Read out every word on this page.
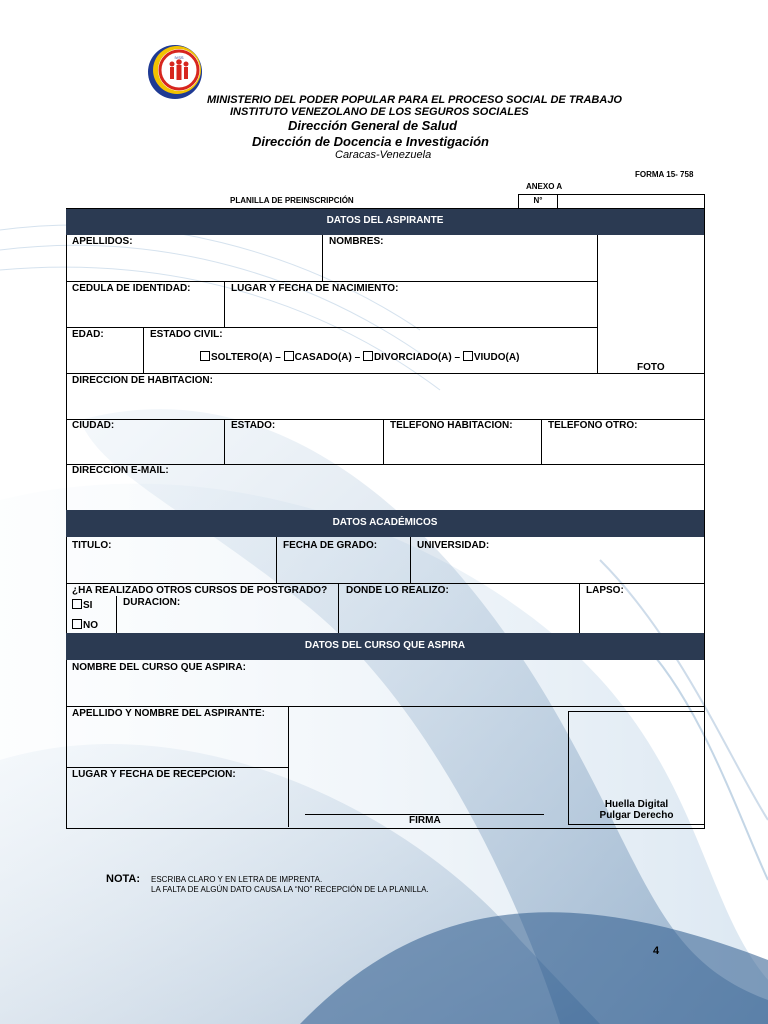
IVSS
MINISTERIO DEL PODER POPULAR PARA EL PROCESO SOCIAL DE TRABAJO
INSTITUTO VENEZOLANO DE LOS SEGUROS SOCIALES
Dirección General de Salud
Dirección de Docencia e Investigación
Caracas-Venezuela
FORMA 15- 758
ANEXO A
PLANILLA DE PREINSCRIPCIÓN	N°
DATOS DEL ASPIRANTE
DATOS ACADÉMICOS
DATOS DEL CURSO QUE ASPIRA
APELLIDOS:	NOMBRES:
CEDULA DE IDENTIDAD:	LUGAR Y FECHA DE NACIMIENTO:
EDAD:	ESTADO CIVIL:
SOLTERO(A) – CASADO(A) – DIVORCIADO(A) – VIUDO(A)
FOTO
DIRECCION DE HABITACION:
CIUDAD:	ESTADO:	TELEFONO HABITACION:	TELEFONO OTRO:
DIRECCION E-MAIL:
TITULO:	FECHA DE GRADO:	UNIVERSIDAD:
¿HA REALIZADO OTROS CURSOS DE POSTGRADO?
SI
NO
DURACION:
DONDE LO REALIZO:	LAPSO:
NOMBRE DEL CURSO QUE ASPIRA:
APELLIDO Y NOMBRE DEL ASPIRANTE:
LUGAR Y FECHA DE RECEPCION:
FIRMA
Huella Digital
Pulgar Derecho
NOTA: ESCRIBA CLARO Y EN LETRA DE IMPRENTA.
LA FALTA DE ALGÚN DATO CAUSA LA “NO” RECEPCIÓN DE LA PLANILLA.
4
